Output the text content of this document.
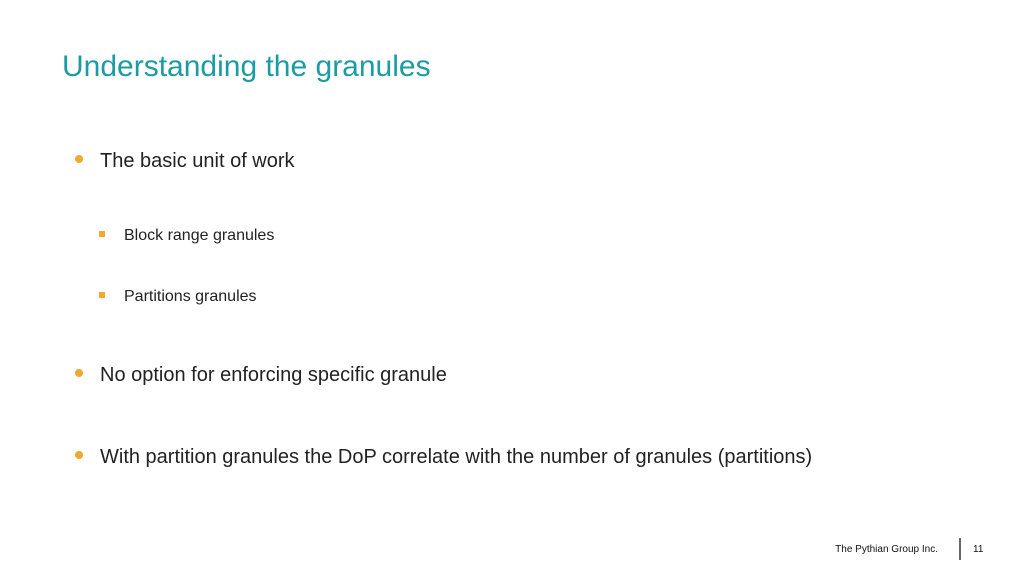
Understanding the granules
The basic unit of work
Block range granules
Partitions granules
No option for enforcing specific granule
With partition granules the DoP correlate with the number of granules (partitions)
The Pythian Group Inc.	11
